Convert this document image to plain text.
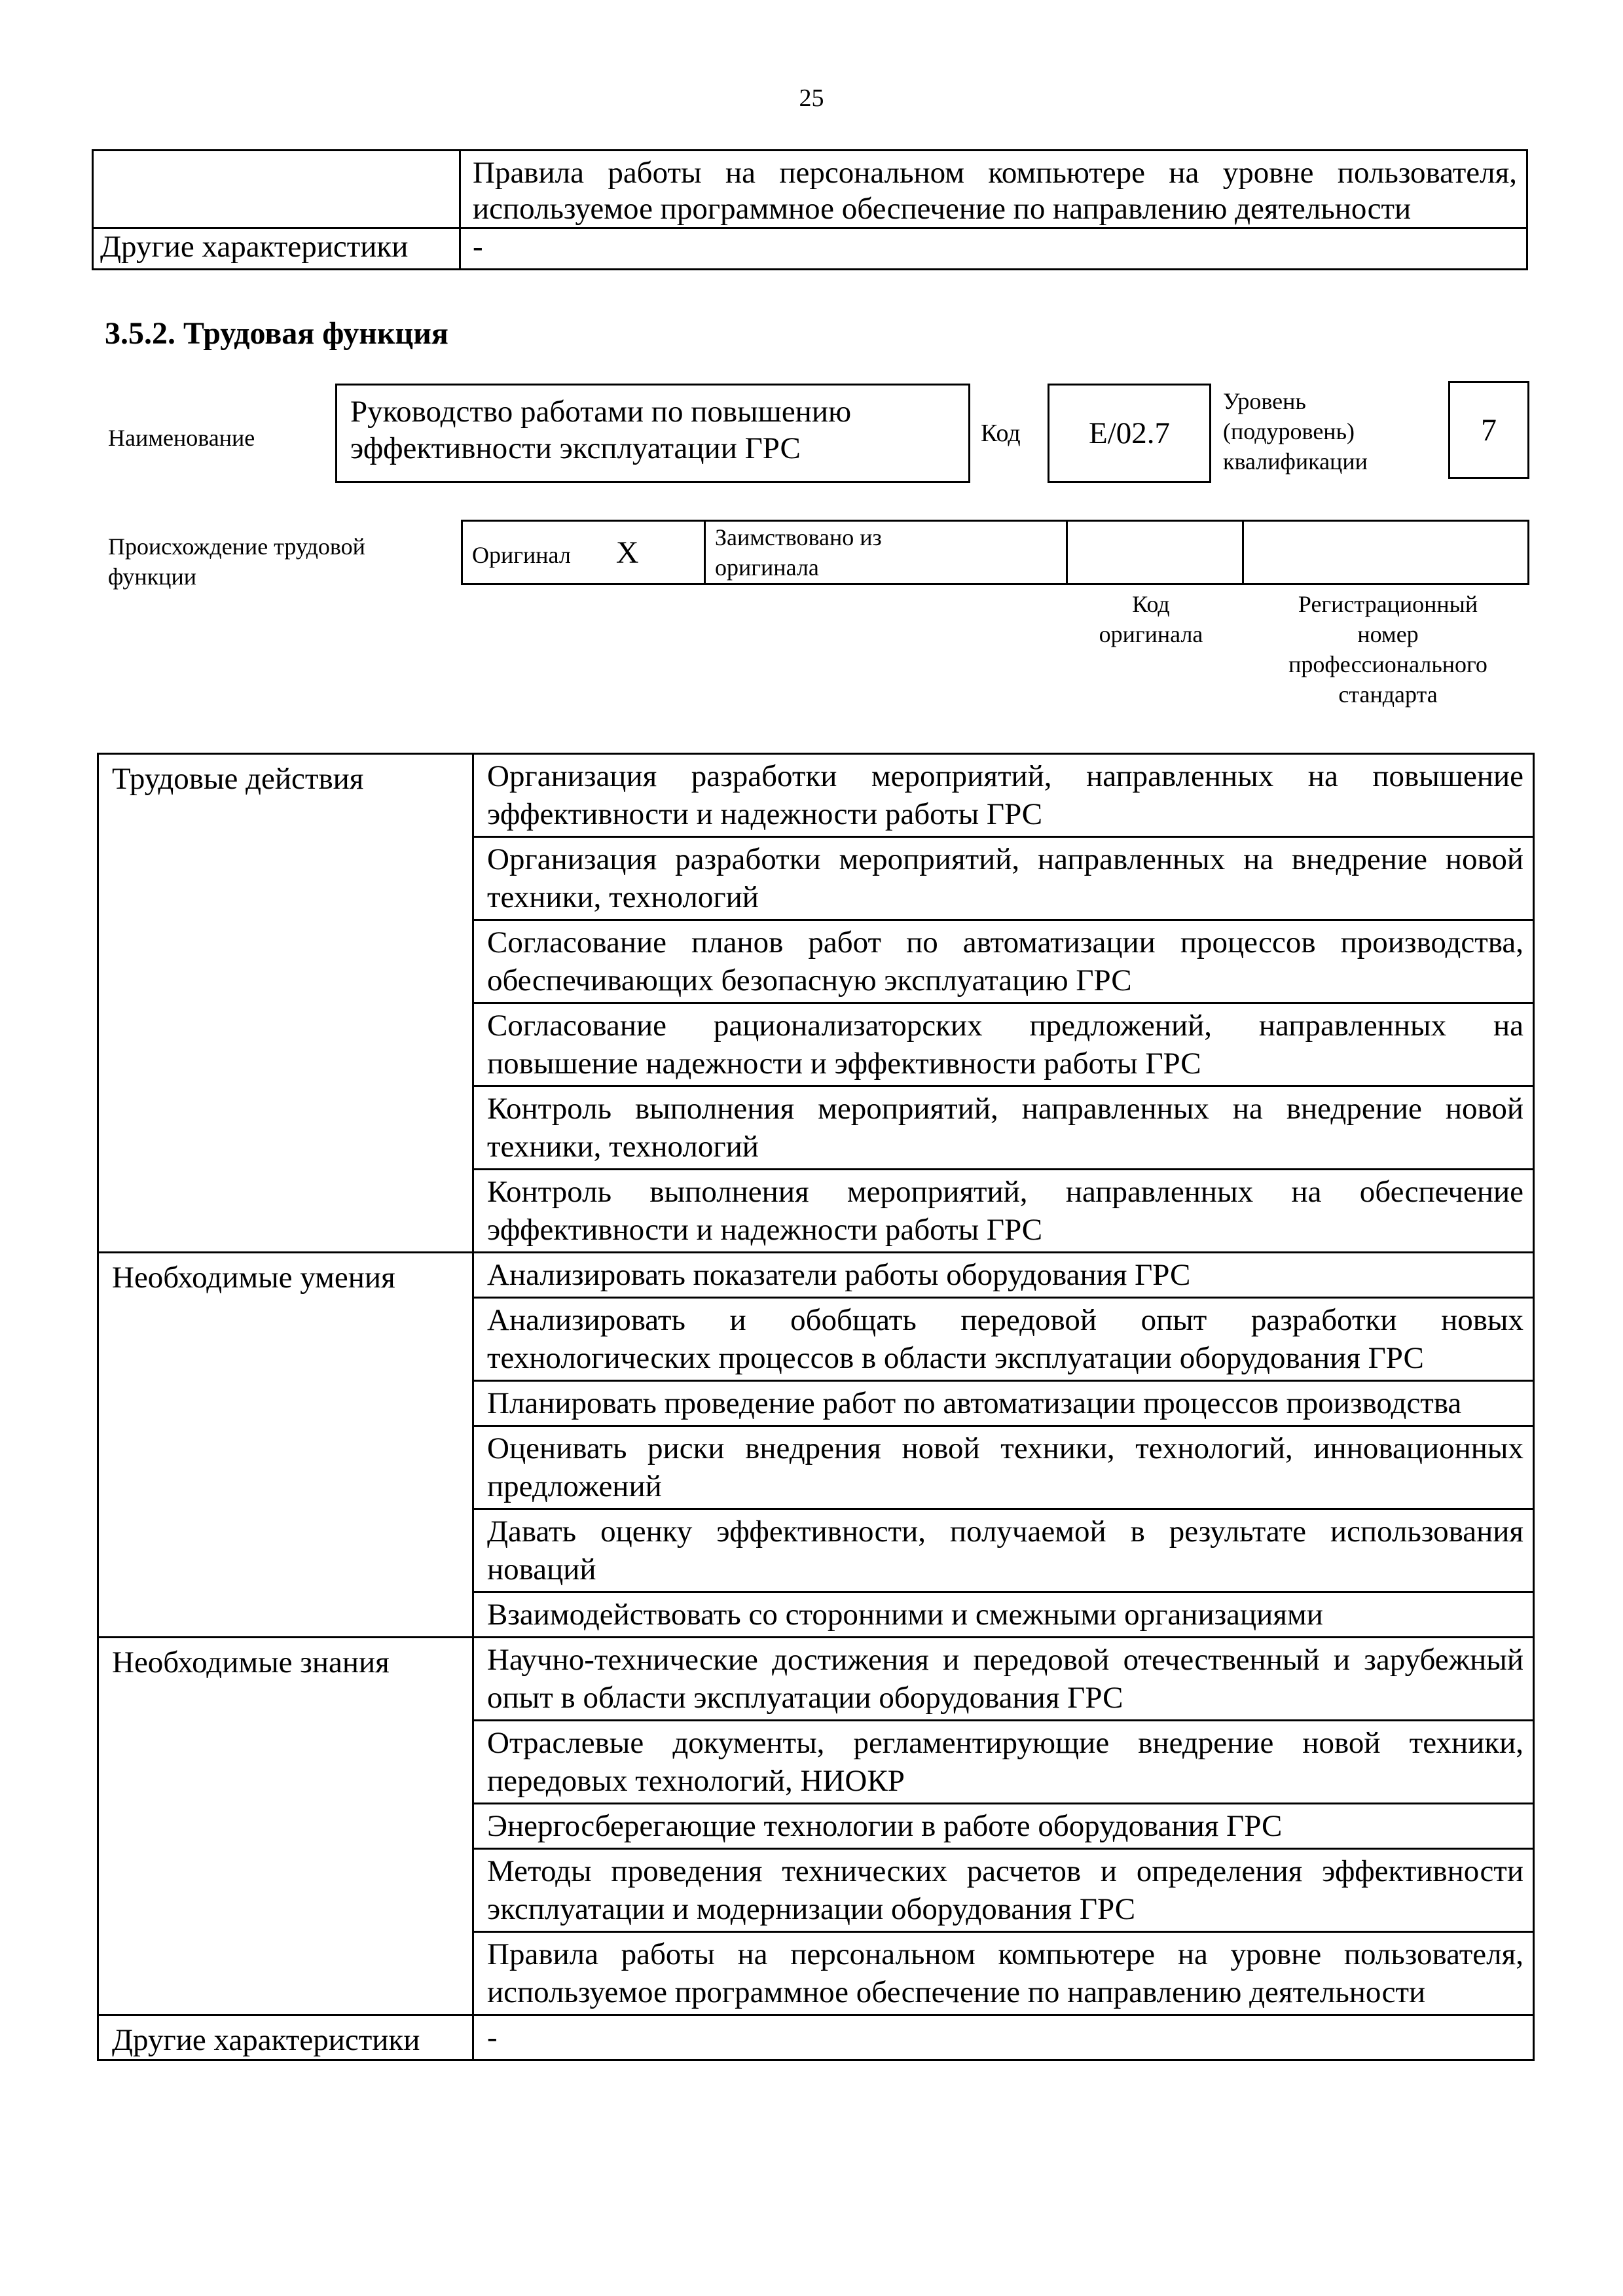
25
	Правила работы на персональном компьютере на уровне пользователя, используемое программное обеспечение по направлению деятельности
Другие характеристики	-
3.5.2. Трудовая функция
Наименование
Руководство работами по повышению эффективности эксплуатации ГРС	Код E/02.7
Уровень
(подуровень)
квалификации
7
Происхождение трудовой
функции
Оригинал X	Заимствовано из
оригинала

Код
оригинала
Регистрационный
номер
профессионального
стандарта
Трудовые действия	Организация разработки мероприятий, направленных на повышение эффективности и надежности работы ГРС
	Организация разработки мероприятий, направленных на внедрение новой техники, технологий
	Согласование планов работ по автоматизации процессов производства, обеспечивающих безопасную эксплуатацию ГРС
	Согласование рационализаторских предложений, направленных на повышение надежности и эффективности работы ГРС
	Контроль выполнения мероприятий, направленных на внедрение новой техники, технологий
	Контроль выполнения мероприятий, направленных на обеспечение эффективности и надежности работы ГРС
Необходимые умения	Анализировать показатели работы оборудования ГРС
	Анализировать и обобщать передовой опыт разработки новых технологических процессов в области эксплуатации оборудования ГРС
	Планировать проведение работ по автоматизации процессов производства
	Оценивать риски внедрения новой техники, технологий, инновационных предложений
	Давать оценку эффективности, получаемой в результате использования новаций
	Взаимодействовать со сторонними и смежными организациями
Необходимые знания	Научно-технические достижения и передовой отечественный и зарубежный опыт в области эксплуатации оборудования ГРС
	Отраслевые документы, регламентирующие внедрение новой техники, передовых технологий, НИОКР
	Энергосберегающие технологии в работе оборудования ГРС
	Методы проведения технических расчетов и определения эффективности эксплуатации и модернизации оборудования ГРС
	Правила работы на персональном компьютере на уровне пользователя, используемое программное обеспечение по направлению деятельности
Другие характеристики	-
